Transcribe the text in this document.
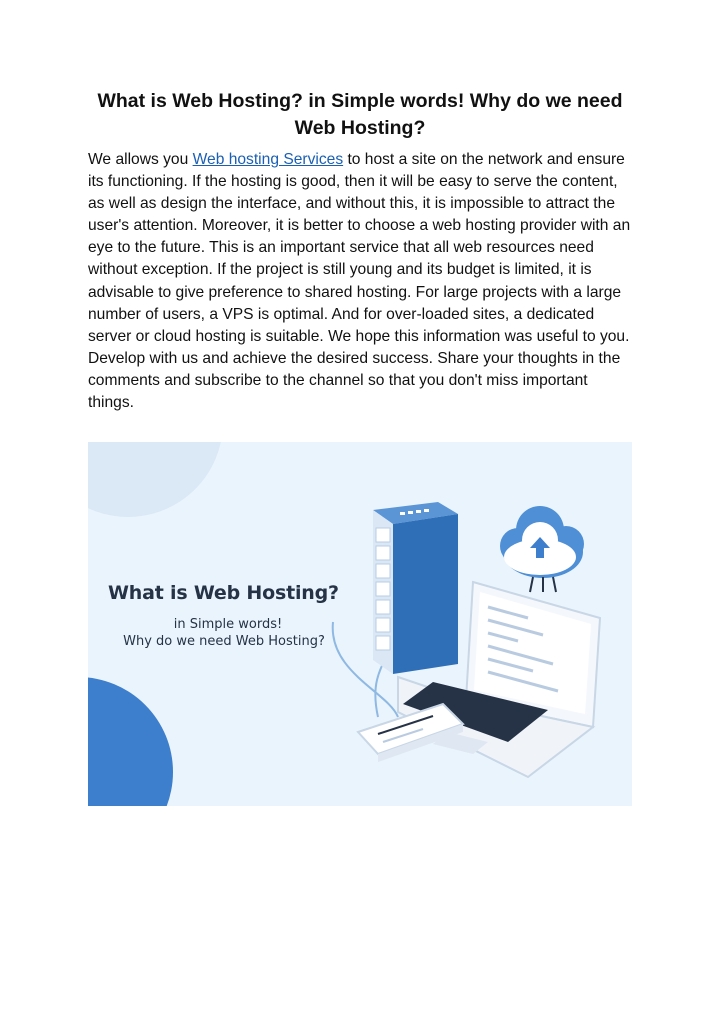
What is Web Hosting? in Simple words! Why do we need Web Hosting?

We allows you Web hosting Services to host a site on the network and ensure its functioning. If the hosting is good, then it will be easy to serve the content, as well as design the interface, and without this, it is impossible to attract the user's attention. Moreover, it is better to choose a web hosting provider with an eye to the future. This is an important service that all web resources need without exception. If the project is still young and its budget is limited, it is advisable to give preference to shared hosting. For large projects with a large number of users, a VPS is optimal. And for over-loaded sites, a dedicated server or cloud hosting is suitable. We hope this information was useful to you. Develop with us and achieve the desired success. Share your thoughts in the comments and subscribe to the channel so that you don't miss important things.

What is Web Hosting?
in Simple words!
Why do we need Web Hosting?
